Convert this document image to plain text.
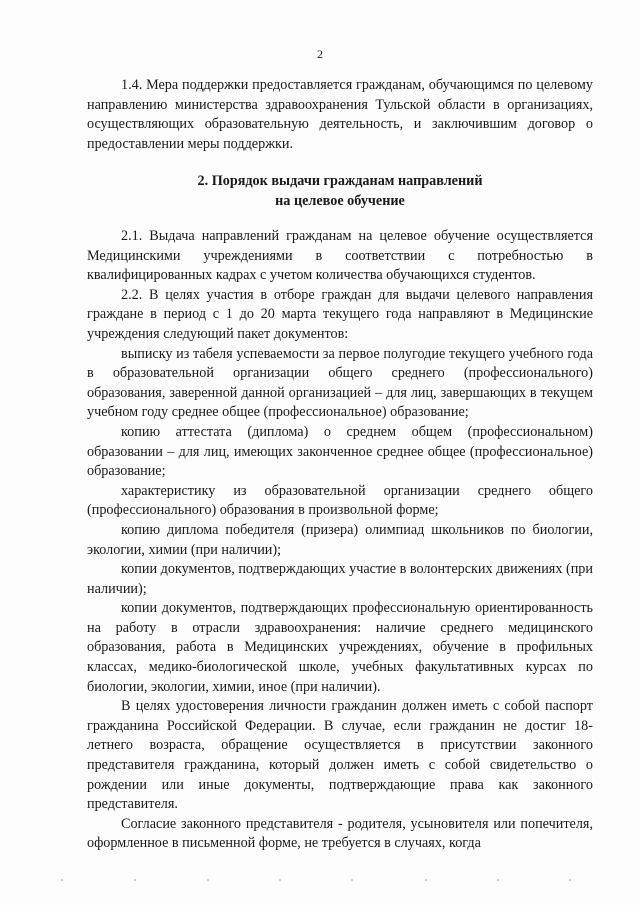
2

1.4. Мера поддержки предоставляется гражданам, обучающимся по целевому направлению министерства здравоохранения Тульской области в организациях, осуществляющих образовательную деятельность, и заключившим договор о предоставлении меры поддержки.

2. Порядок выдачи гражданам направлений

на целевое обучение

2.1. Выдача направлений гражданам на целевое обучение осуществляется Медицинскими учреждениями в соответствии с потребностью в квалифицированных кадрах с учетом количества обучающихся студентов.

2.2. В целях участия в отборе граждан для выдачи целевого направления граждане в период с 1 до 20 марта текущего года направляют в Медицинские учреждения следующий пакет документов:

выписку из табеля успеваемости за первое полугодие текущего учебного года в образовательной организации общего среднего (профессионального) образования, заверенной данной организацией – для лиц, завершающих в текущем учебном году среднее общее (профессиональное) образование;

копию аттестата (диплома) о среднем общем (профессиональном) образовании – для лиц, имеющих законченное среднее общее (профессиональное) образование;

характеристику из образовательной организации среднего общего (профессионального) образования в произвольной форме;

копию диплома победителя (призера) олимпиад школьников по биологии, экологии, химии (при наличии);

копии документов, подтверждающих участие в волонтерских движениях (при наличии);

копии документов, подтверждающих профессиональную ориентированность на работу в отрасли здравоохранения: наличие среднего медицинского образования, работа в Медицинских учреждениях, обучение в профильных классах, медико-биологической школе, учебных факультативных курсах по биологии, экологии, химии, иное (при наличии).

В целях удостоверения личности гражданин должен иметь с собой паспорт гражданина Российской Федерации. В случае, если гражданин не достиг 18-летнего возраста, обращение осуществляется в присутствии законного представителя гражданина, который должен иметь с собой свидетельство о рождении или иные документы, подтверждающие права как законного представителя.

Согласие законного представителя - родителя, усыновителя или попечителя, оформленное в письменной форме, не требуется в случаях, когда
